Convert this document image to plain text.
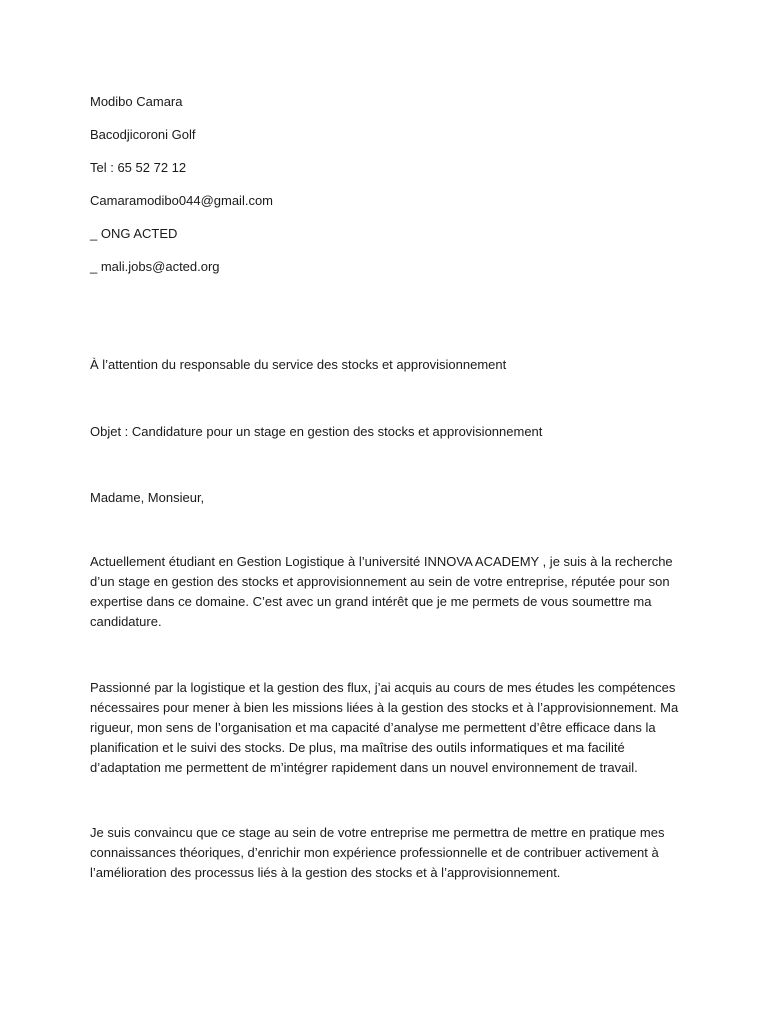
Modibo Camara
Bacodjicoroni Golf
Tel : 65 52 72 12
Camaramodibo044@gmail.com
_ ONG ACTED
_ mali.jobs@acted.org
À l’attention du responsable du service des stocks et approvisionnement
Objet : Candidature pour un stage en gestion des stocks et approvisionnement
Madame, Monsieur,
Actuellement étudiant en Gestion Logistique à l’université INNOVA ACADEMY , je suis à la recherche
d’un stage en gestion des stocks et approvisionnement au sein de votre entreprise, réputée pour son
expertise dans ce domaine. C’est avec un grand intérêt que je me permets de vous soumettre ma
candidature.
Passionné par la logistique et la gestion des flux, j’ai acquis au cours de mes études les compétences
nécessaires pour mener à bien les missions liées à la gestion des stocks et à l’approvisionnement. Ma
rigueur, mon sens de l’organisation et ma capacité d’analyse me permettent d’être efficace dans la
planification et le suivi des stocks. De plus, ma maîtrise des outils informatiques et ma facilité
d’adaptation me permettent de m’intégrer rapidement dans un nouvel environnement de travail.
Je suis convaincu que ce stage au sein de votre entreprise me permettra de mettre en pratique mes
connaissances théoriques, d’enrichir mon expérience professionnelle et de contribuer activement à
l’amélioration des processus liés à la gestion des stocks et à l’approvisionnement.
